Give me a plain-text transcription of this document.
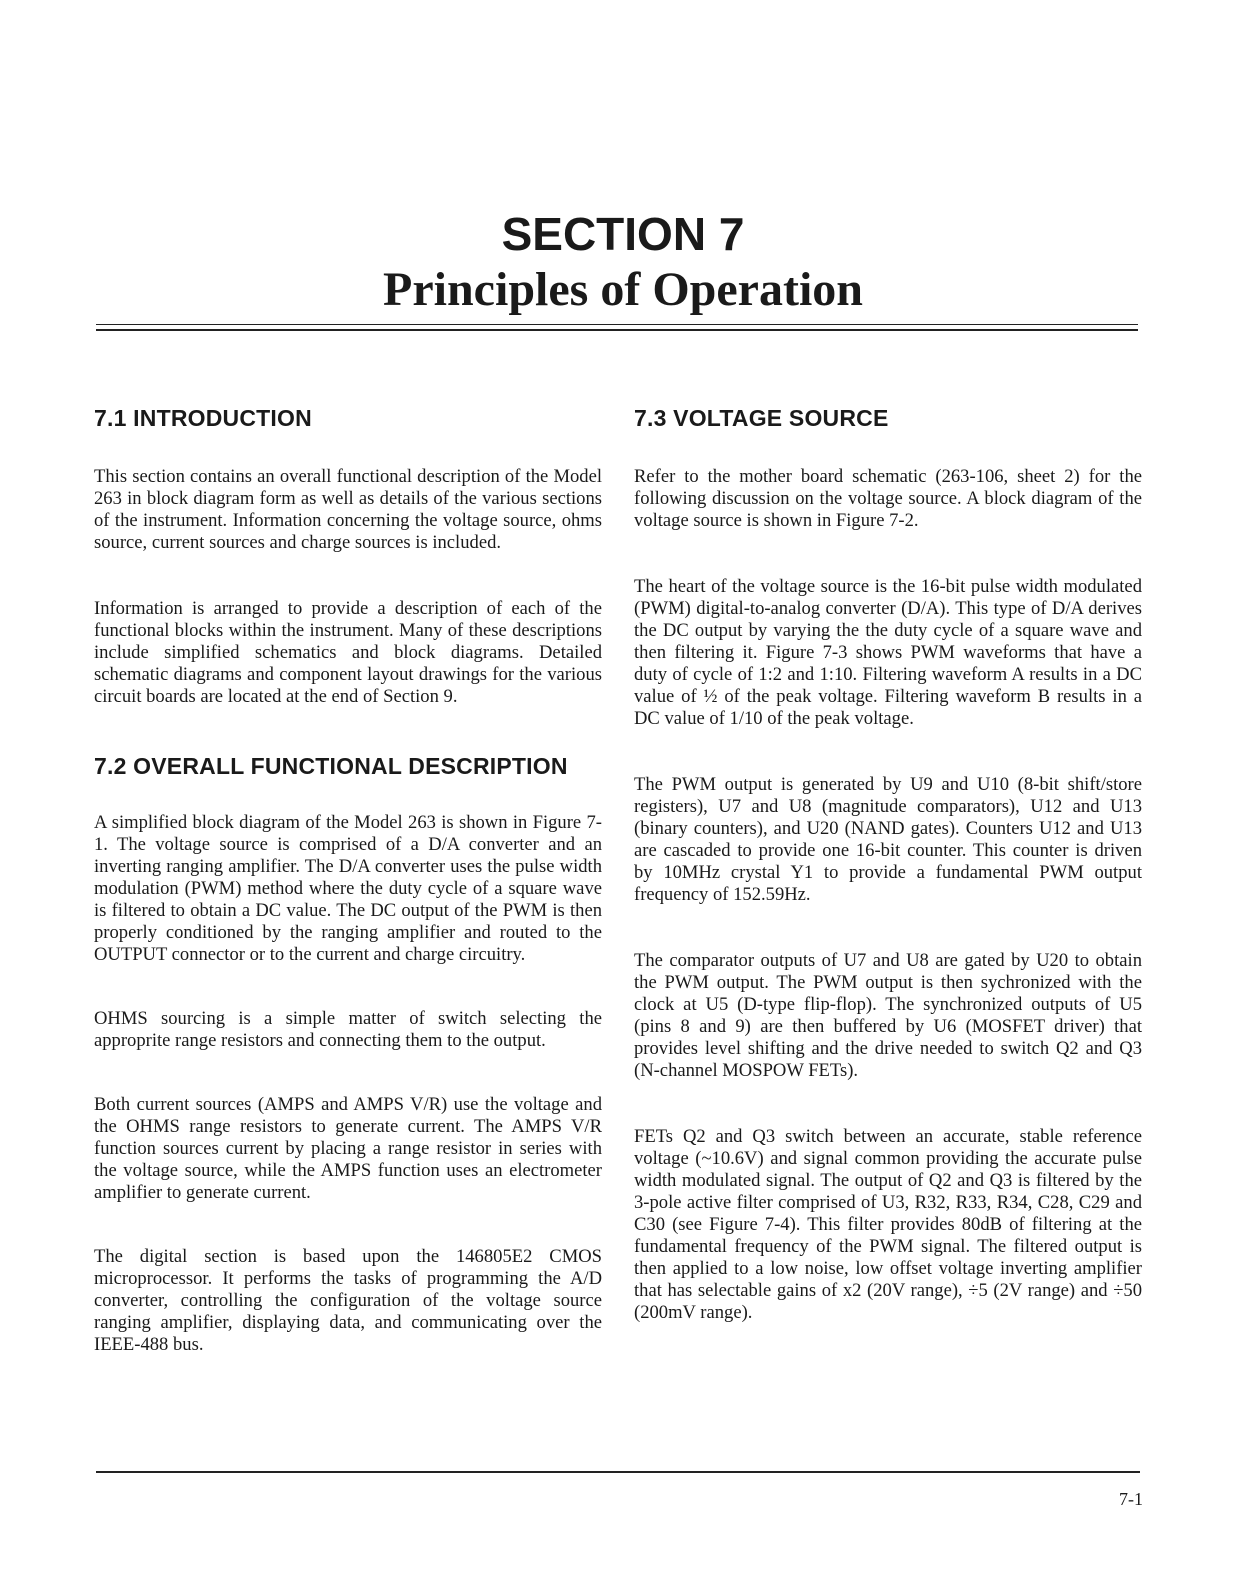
SECTION 7
Principles of Operation
7.1 INTRODUCTION

This section contains an overall functional description of the Model 263 in block diagram form as well as details of the various sections of the instrument. Information concerning the voltage source, ohms source, current sources and charge sources is included.

Information is arranged to provide a description of each of the functional blocks within the instrument. Many of these descriptions include simplified schematics and block diagrams. Detailed schematic diagrams and component layout drawings for the various circuit boards are located at the end of Section 9.

7.2 OVERALL FUNCTIONAL DESCRIPTION

A simplified block diagram of the Model 263 is shown in Figure 7-1. The voltage source is comprised of a D/A converter and an inverting ranging amplifier. The D/A converter uses the pulse width modulation (PWM) method where the duty cycle of a square wave is filtered to obtain a DC value. The DC output of the PWM is then properly conditioned by the ranging amplifier and routed to the OUTPUT connector or to the current and charge circuitry.

OHMS sourcing is a simple matter of switch selecting the approprite range resistors and connecting them to the output.

Both current sources (AMPS and AMPS V/R) use the voltage and the OHMS range resistors to generate current. The AMPS V/R function sources current by placing a range resistor in series with the voltage source, while the AMPS function uses an electrometer amplifier to generate current.

The digital section is based upon the 146805E2 CMOS microprocessor. It performs the tasks of programming the A/D converter, controlling the configuration of the voltage source ranging amplifier, displaying data, and communicating over the IEEE-488 bus.

7.3 VOLTAGE SOURCE

Refer to the mother board schematic (263-106, sheet 2) for the following discussion on the voltage source. A block diagram of the voltage source is shown in Figure 7-2.

The heart of the voltage source is the 16-bit pulse width modulated (PWM) digital-to-analog converter (D/A). This type of D/A derives the DC output by varying the the duty cycle of a square wave and then filtering it. Figure 7-3 shows PWM waveforms that have a duty of cycle of 1:2 and 1:10. Filtering waveform A results in a DC value of ½ of the peak voltage. Filtering waveform B results in a DC value of 1/10 of the peak voltage.

The PWM output is generated by U9 and U10 (8-bit shift/store registers), U7 and U8 (magnitude comparators), U12 and U13 (binary counters), and U20 (NAND gates). Counters U12 and U13 are cascaded to provide one 16-bit counter. This counter is driven by 10MHz crystal Y1 to provide a fundamental PWM output frequency of 152.59Hz.

The comparator outputs of U7 and U8 are gated by U20 to obtain the PWM output. The PWM output is then sychronized with the clock at U5 (D-type flip-flop). The synchronized outputs of U5 (pins 8 and 9) are then buffered by U6 (MOSFET driver) that provides level shifting and the drive needed to switch Q2 and Q3 (N-channel MOSPOW FETs).

FETs Q2 and Q3 switch between an accurate, stable reference voltage (~10.6V) and signal common providing the accurate pulse width modulated signal. The output of Q2 and Q3 is filtered by the 3-pole active filter comprised of U3, R32, R33, R34, C28, C29 and C30 (see Figure 7-4). This filter provides 80dB of filtering at the fundamental frequency of the PWM signal. The filtered output is then applied to a low noise, low offset voltage inverting amplifier that has selectable gains of x2 (20V range), ÷5 (2V range) and ÷50 (200mV range).

7-1
